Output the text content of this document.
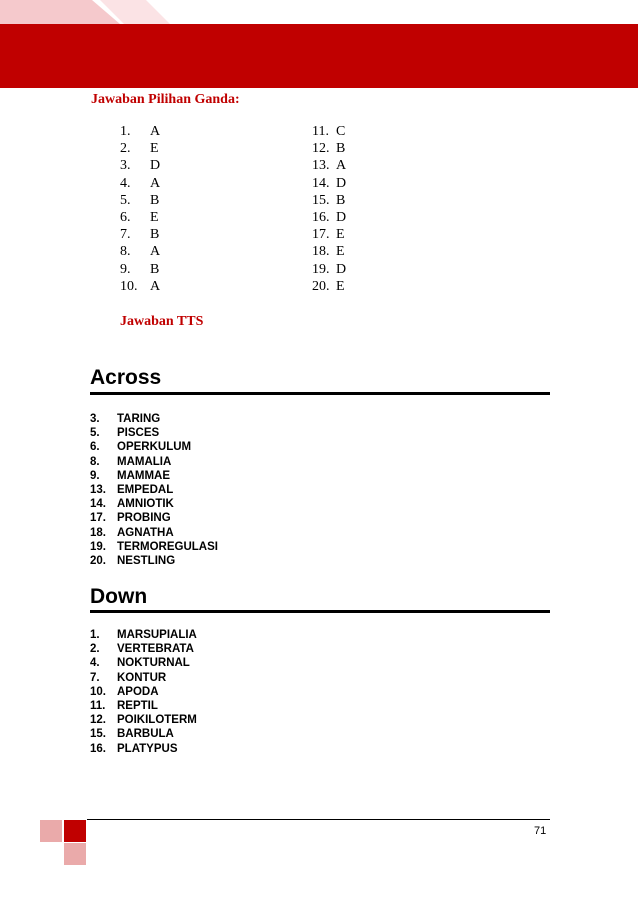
Jawaban Pilihan Ganda:
1.	A
2.	E
3.	D
4.	A
5.	B
6.	E
7.	B
8.	A
9.	B
10. A
11. C
12. B
13. A
14. D
15. B
16. D
17. E
18. E
19. D
20. E
Jawaban TTS
Across
3.	TARING
5.	PISCES
6.	OPERKULUM
8.	MAMALIA
9.	MAMMAE
13. EMPEDAL
14. AMNIOTIK
17. PROBING
18. AGNATHA
19. TERMOREGULASI
20. NESTLING
Down
1.	MARSUPIALIA
2.	VERTEBRATA
4.	NOKTURNAL
7.	KONTUR
10. APODA
11.	REPTIL
12. POIKILOTERM
15. BARBULA
16. PLATYPUS
71
